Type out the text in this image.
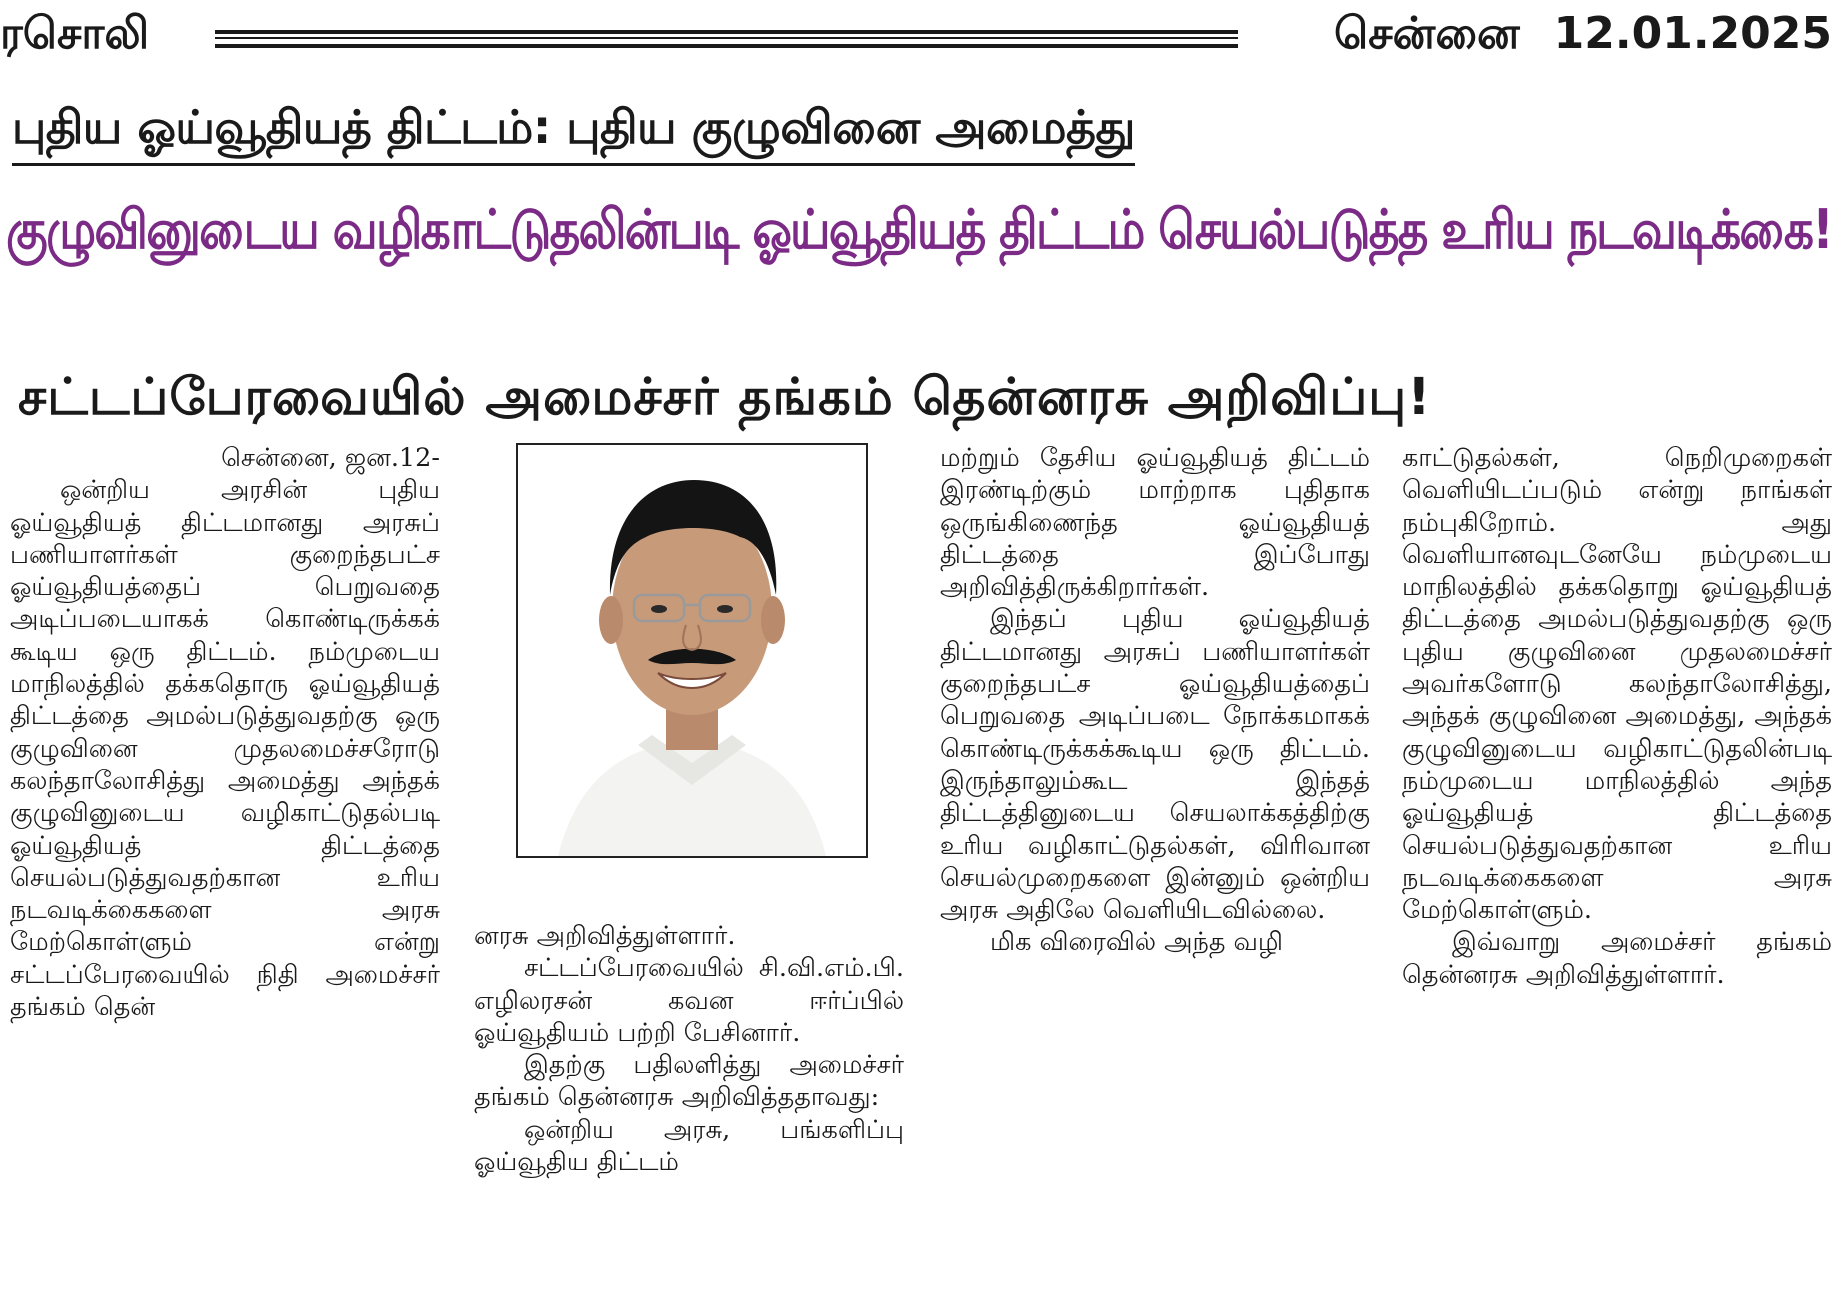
ரசொலி	சென்னை 12.01.2025
புதிய ஓய்வூதியத் திட்டம்: புதிய குழுவினை அமைத்து
குழுவினுடைய வழிகாட்டுதலின்படி ஓய்வூதியத் திட்டம் செயல்படுத்த உரிய நடவடிக்கை!
சட்டப்பேரவையில் அமைச்சர் தங்கம் தென்னரசு அறிவிப்பு!

சென்னை, ஜன.12-

ஒன்றிய அரசின் புதிய ஓய்வூதியத் திட்டமானது அரசுப் பணியாளர்கள் குறைந்தபட்ச ஓய்வூதியத்தைப் பெறுவதை அடிப்படையாகக் கொண்டிருக்கக் கூடிய ஒரு திட்டம். நம்முடைய மாநிலத்தில் தக்கதொரு ஓய்வூதியத் திட்டத்தை அமல்படுத்துவதற்கு ஒரு குழுவினை முதலமைச்சரோடு கலந்தாலோசித்து அமைத்து அந்தக் குழுவினுடைய வழிகாட்டுதல்படி ஓய்வூதியத் திட்டத்தை செயல்படுத்துவதற்கான உரிய நடவடிக்கைகளை அரசு மேற்கொள்ளும் என்று சட்டப்பேரவையில் நிதி அமைச்சர் தங்கம் தென்

னரசு அறிவித்துள்ளார்.

சட்டப்பேரவையில் சி.வி.எம்.பி. எழிலரசன் கவன ஈர்ப்பில் ஓய்வூதியம் பற்றி பேசினார்.

இதற்கு பதிலளித்து அமைச்சர் தங்கம் தென்னரசு அறிவித்ததாவது:

ஒன்றிய அரசு, பங்களிப்பு ஓய்வூதிய திட்டம்

மற்றும் தேசிய ஓய்வூதியத் திட்டம் இரண்டிற்கும் மாற்றாக புதிதாக ஒருங்கிணைந்த ஓய்வூதியத் திட்டத்தை இப்போது அறிவித்திருக்கிறார்கள்.

இந்தப் புதிய ஓய்வூதியத் திட்டமானது அரசுப் பணியாளர்கள் குறைந்தபட்ச ஓய்வூதியத்தைப் பெறுவதை அடிப்படை நோக்கமாகக் கொண்டிருக்கக்கூடிய ஒரு திட்டம். இருந்தாலும்கூட இந்தத் திட்டத்தினுடைய செயலாக்கத்திற்கு உரிய வழிகாட்டுதல்கள், விரிவான செயல்முறைகளை இன்னும் ஒன்றிய அரசு அதிலே வெளியிடவில்லை.

மிக விரைவில் அந்த வழி

காட்டுதல்கள், நெறிமுறைகள் வெளியிடப்படும் என்று நாங்கள் நம்புகிறோம். அது வெளியானவுடனேயே நம்முடைய மாநிலத்தில் தக்கதொறு ஓய்வூதியத் திட்டத்தை அமல்படுத்துவதற்கு ஒரு புதிய குழுவினை முதலமைச்சர் அவர்களோடு கலந்தாலோசித்து, அந்தக் குழுவினை அமைத்து, அந்தக் குழுவினுடைய வழிகாட்டுதலின்படி நம்முடைய மாநிலத்தில் அந்த ஓய்வூதியத் திட்டத்தை செயல்படுத்துவதற்கான உரிய நடவடிக்கைகளை அரசு மேற்கொள்ளும்.

இவ்வாறு அமைச்சர் தங்கம் தென்னரசு அறிவித்துள்ளார்.
